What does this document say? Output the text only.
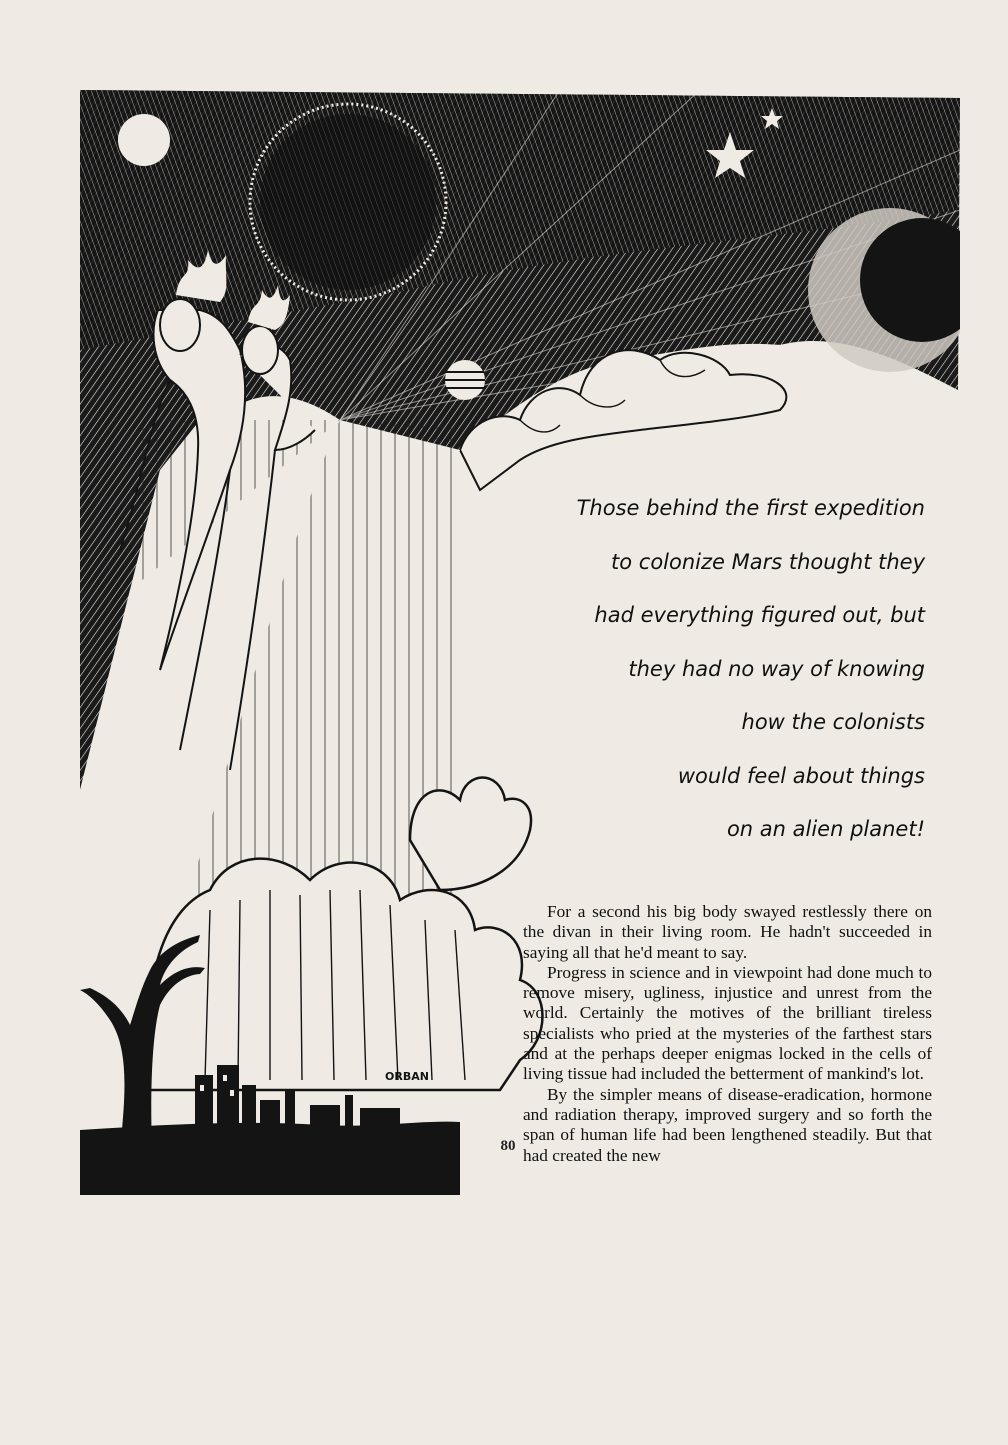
ORBAN
Those behind the first expedition
to colonize Mars thought they
had everything figured out, but
they had no way of knowing
how the colonists
would feel about things
on an alien planet!

For a second his big body swayed restlessly there on the divan in their living room. He hadn't succeeded in saying all that he'd meant to say.

Progress in science and in viewpoint had done much to remove misery, ugliness, injustice and unrest from the world. Certainly the motives of the brilliant tireless specialists who pried at the mysteries of the farthest stars and at the perhaps deeper enigmas locked in the cells of living tissue had included the betterment of mankind's lot.

By the simpler means of disease-eradication, hormone and radiation therapy, improved surgery and so forth the span of human life had been lengthened steadily. But that had created the new

80
